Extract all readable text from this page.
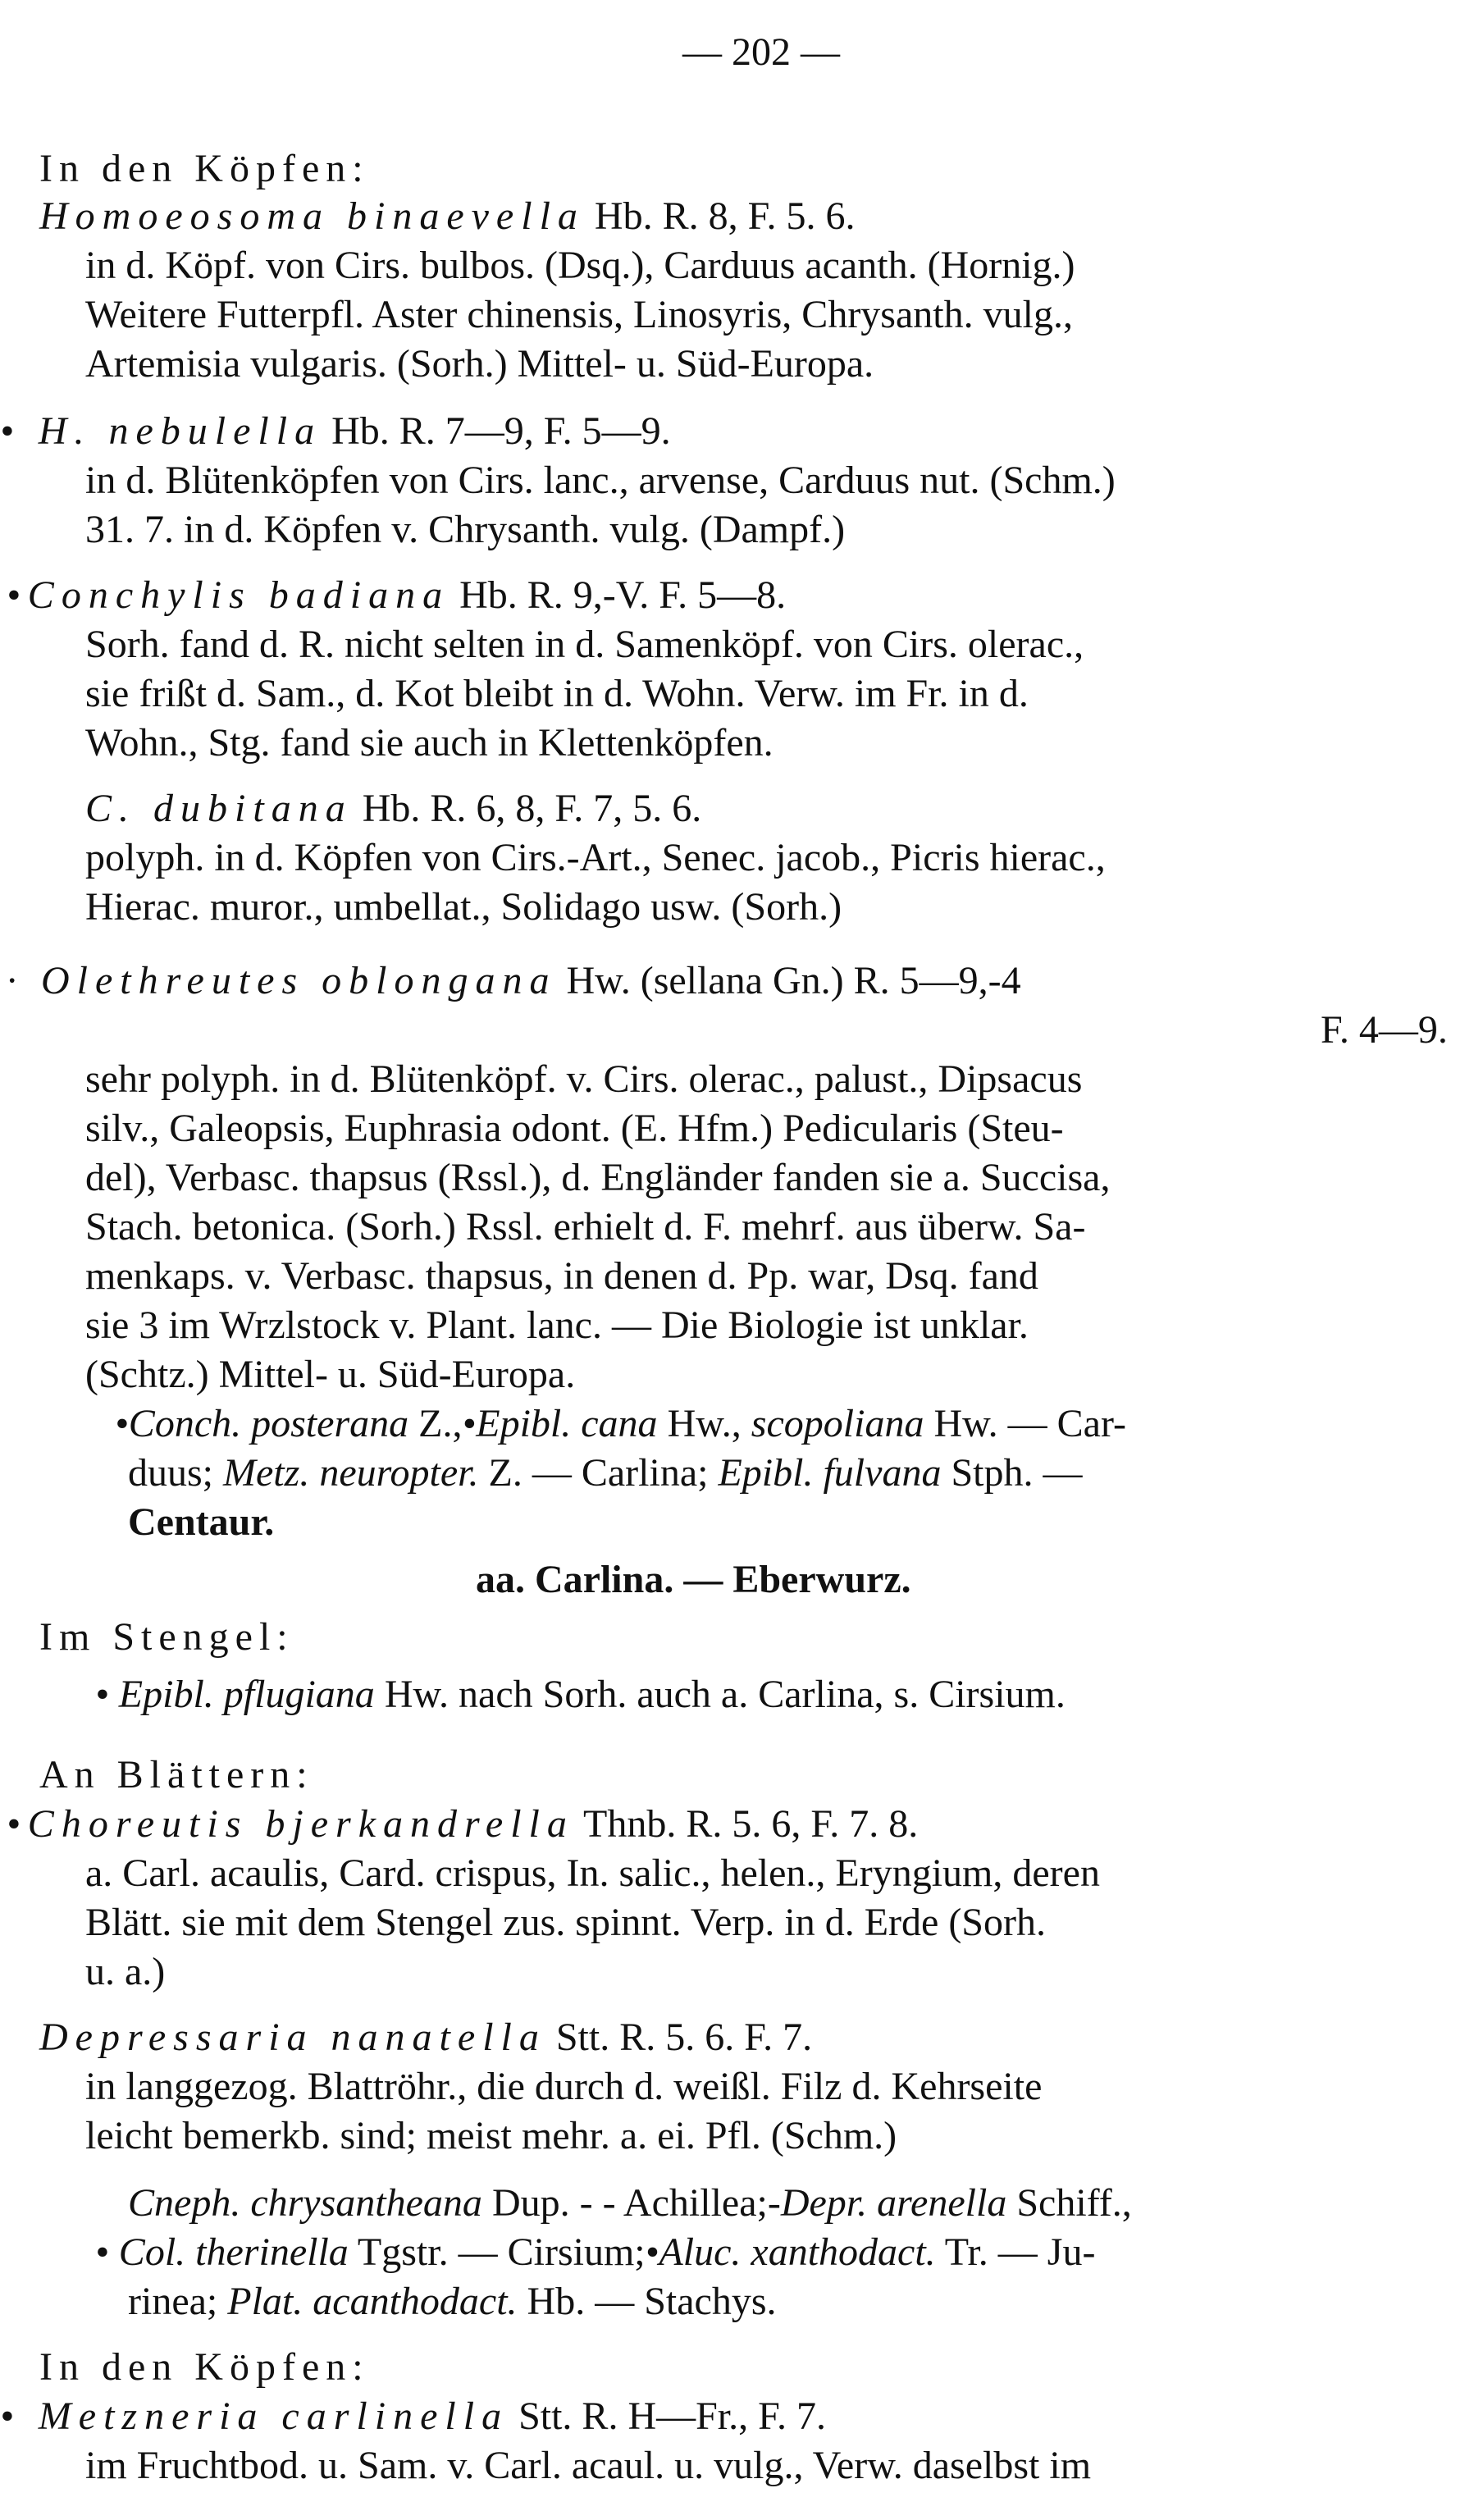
— 202 —
In den Köpfen:
Homoeosoma binaevella Hb. R. 8, F. 5. 6.
in d. Köpf. von Cirs. bulbos. (Dsq.), Carduus acanth. (Hornig.)
Weitere Futterpfl. Aster chinensis, Linosyris, Chrysanth. vulg.,
Artemisia vulgaris. (Sorh.) Mittel- u. Süd-Europa.
• H. nebulella Hb. R. 7—9, F. 5—9.
in d. Blütenköpfen von Cirs. lanc., arvense, Carduus nut. (Schm.)
31. 7. in d. Köpfen v. Chrysanth. vulg. (Dampf.)
•Conchylis badiana Hb. R. 9,-V. F. 5—8.
Sorh. fand d. R. nicht selten in d. Samenköpf. von Cirs. olerac.,
sie frißt d. Sam., d. Kot bleibt in d. Wohn. Verw. im Fr. in d.
Wohn., Stg. fand sie auch in Klettenköpfen.
C. dubitana Hb. R. 6, 8, F. 7, 5. 6.
polyph. in d. Köpfen von Cirs.-Art., Senec. jacob., Picris hierac.,
Hierac. muror., umbellat., Solidago usw. (Sorh.)
· Olethreutes oblongana Hw. (sellana Gn.) R. 5—9,-4
F. 4—9.
sehr polyph. in d. Blütenköpf. v. Cirs. olerac., palust., Dipsacus
silv., Galeopsis, Euphrasia odont. (E. Hfm.) Pedicularis (Steu-
del), Verbasc. thapsus (Rssl.), d. Engländer fanden sie a. Succisa,
Stach. betonica. (Sorh.) Rssl. erhielt d. F. mehrf. aus überw. Sa-
menkaps. v. Verbasc. thapsus, in denen d. Pp. war, Dsq. fand
sie 3 im Wrzlstock v. Plant. lanc. — Die Biologie ist unklar.
(Schtz.) Mittel- u. Süd-Europa.
•Conch. posterana Z.,•Epibl. cana Hw., scopoliana Hw. — Car-
duus; Metz. neuropter. Z. — Carlina; Epibl. fulvana Stph. —
Centaur.
aa. Carlina. — Eberwurz.
Im Stengel:
• Epibl. pflugiana Hw. nach Sorh. auch a. Carlina, s. Cirsium.
An Blättern:
•Choreutis bjerkandrella Thnb. R. 5. 6, F. 7. 8.
a. Carl. acaulis, Card. crispus, In. salic., helen., Eryngium, deren
Blätt. sie mit dem Stengel zus. spinnt. Verp. in d. Erde (Sorh.
u. a.)
Depressaria nanatella Stt. R. 5. 6. F. 7.
in langgezog. Blattröhr., die durch d. weißl. Filz d. Kehrseite
leicht bemerkb. sind; meist mehr. a. ei. Pfl. (Schm.)
Cneph. chrysantheana Dup. - - Achillea;-Depr. arenella Schiff.,
• Col. therinella Tgstr. — Cirsium;•Aluc. xanthodact. Tr. — Ju-
rinea; Plat. acanthodact. Hb. — Stachys.
In den Köpfen:
• Metzneria carlinella Stt. R. H—Fr., F. 7.
im Fruchtbod. u. Sam. v. Carl. acaul. u. vulg., Verw. daselbst im
